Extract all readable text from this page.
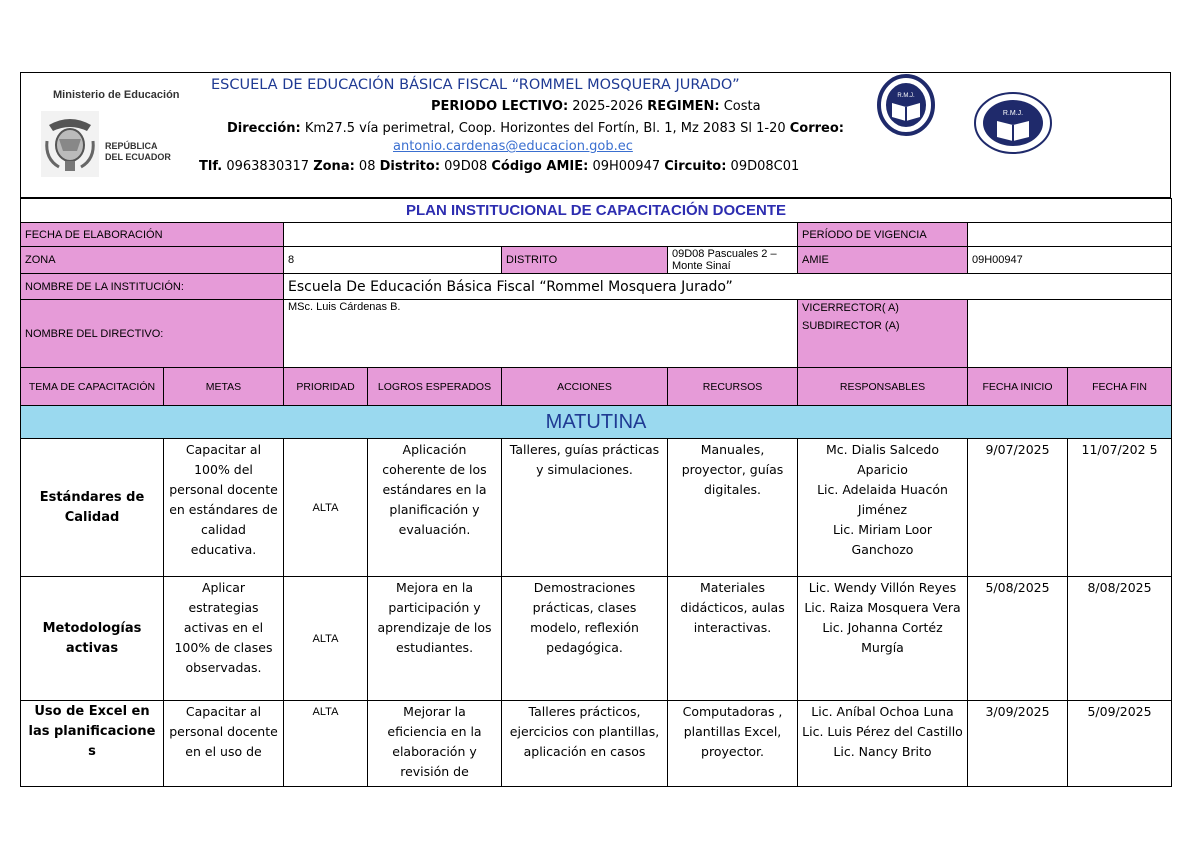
Ministerio de Educación
REPÚBLICA
DEL ECUADOR
ESCUELA DE EDUCACIÓN BÁSICA FISCAL “ROMMEL MOSQUERA JURADO”
PERIODO LECTIVO: 2025-2026 REGIMEN: Costa
Dirección: Km27.5 vía perimetral, Coop. Horizontes del Fortín, Bl. 1, Mz 2083 Sl 1-20 Correo:
antonio.cardenas@educacion.gob.ec
Tlf. 0963830317 Zona: 08 Distrito: 09D08 Código AMIE: 09H00947 Circuito: 09D08C01
R.M.J.
R.M.J.
PLAN INSTITUCIONAL DE CAPACITACIÓN DOCENTE								
FECHA DE ELABORACIÓN						PERÍODO DE VIGENCIA		
ZONA		8		DISTRITO	09D08 Pascuales 2 – Monte Sinaí	AMIE	09H00947	
NOMBRE DE LA INSTITUCIÓN:		Escuela De Educación Básica Fiscal “Rommel Mosquera Jurado”						
NOMBRE DEL DIRECTIVO:		MSc. Luis Cárdenas B.				VICERRECTOR( A)
SUBDIRECTOR (A)		

TEMA DE CAPACITACIÓN	METAS	PRIORIDAD	LOGROS ESPERADOS	ACCIONES	RECURSOS	RESPONSABLES	FECHA INICIO	FECHA FIN
MATUTINA								
Estándares de Calidad	Capacitar al 100% del personal docente en estándares de calidad educativa.	ALTA	Aplicación coherente de los estándares en la planificación y evaluación.	Talleres, guías prácticas y simulaciones.	Manuales, proyector, guías digitales.	Mc. Dialis Salcedo Aparicio
Lic. Adelaida Huacón Jiménez
Lic. Miriam Loor Ganchozo	9/07/2025	11/07/202 5
Metodologías activas	Aplicar estrategias activas en el 100% de clases observadas.	ALTA	Mejora en la participación y aprendizaje de los estudiantes.	Demostraciones prácticas, clases modelo, reflexión pedagógica.	Materiales didácticos, aulas interactivas.	Lic. Wendy Villón Reyes
Lic. Raiza Mosquera Vera
Lic. Johanna Cortéz Murgía	5/08/2025	8/08/2025
Uso de Excel en las planificacione s	Capacitar al personal docente en el uso de	ALTA	Mejorar la eficiencia en la elaboración y revisión de	Talleres prácticos, ejercicios con plantillas, aplicación en casos	Computadoras , plantillas Excel, proyector.	Lic. Aníbal Ochoa Luna
Lic. Luis Pérez del Castillo
Lic. Nancy Brito	3/09/2025	5/09/2025
